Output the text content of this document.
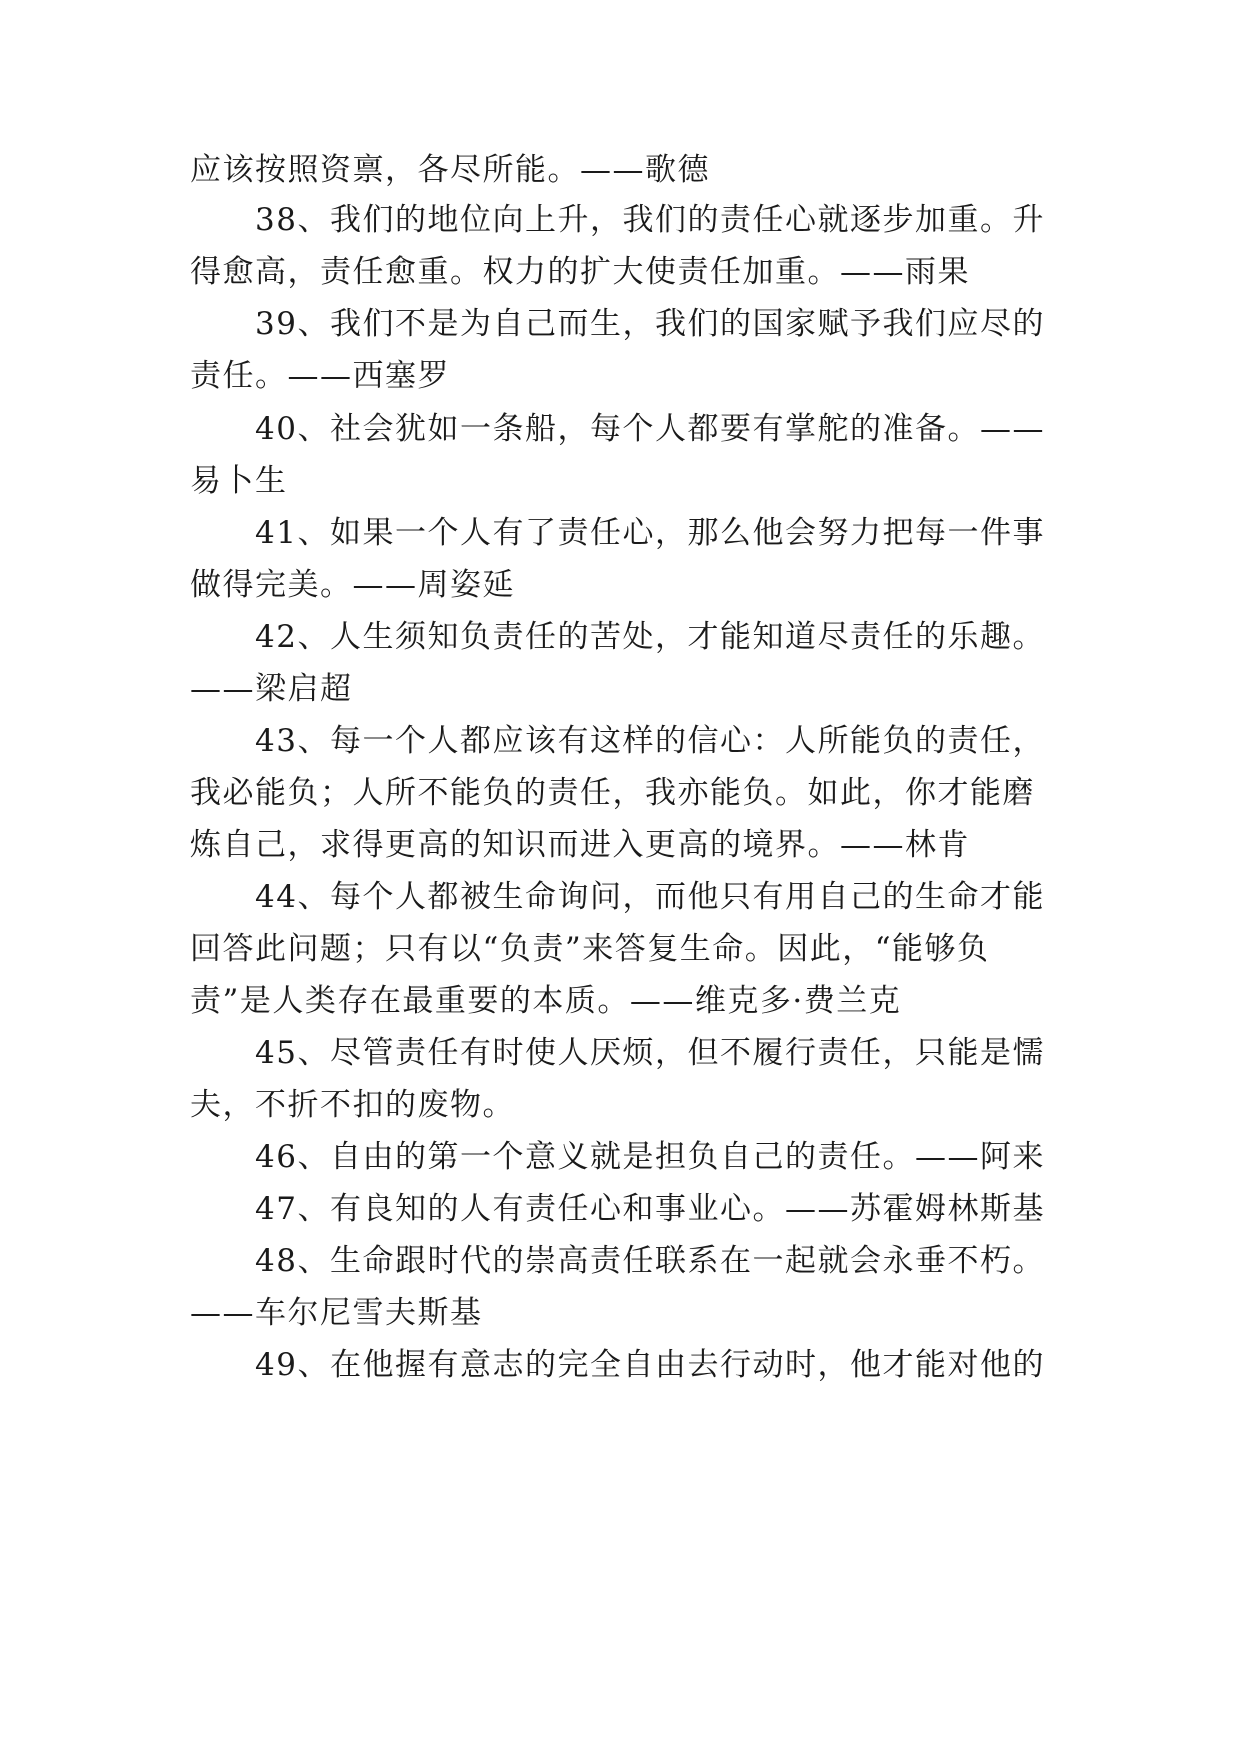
应该按照资禀，各尽所能。——歌德
38、我们的地位向上升，我们的责任心就逐步加重。升
得愈高，责任愈重。权力的扩大使责任加重。——雨果
39、我们不是为自己而生，我们的国家赋予我们应尽的
责任。——西塞罗
40、社会犹如一条船，每个人都要有掌舵的准备。——
易卜生
41、如果一个人有了责任心，那么他会努力把每一件事
做得完美。——周姿延
42、人生须知负责任的苦处，才能知道尽责任的乐趣。
——梁启超
43、每一个人都应该有这样的信心：人所能负的责任，
我必能负；人所不能负的责任，我亦能负。如此，你才能磨
炼自己，求得更高的知识而进入更高的境界。——林肯
44、每个人都被生命询问，而他只有用自己的生命才能
回答此问题；只有以“负责”来答复生命。因此，“能够负
责”是人类存在最重要的本质。——维克多·费兰克
45、尽管责任有时使人厌烦，但不履行责任，只能是懦
夫，不折不扣的废物。
46、自由的第一个意义就是担负自己的责任。——阿来
47、有良知的人有责任心和事业心。——苏霍姆林斯基
48、生命跟时代的崇高责任联系在一起就会永垂不朽。
——车尔尼雪夫斯基
49、在他握有意志的完全自由去行动时，他才能对他的
